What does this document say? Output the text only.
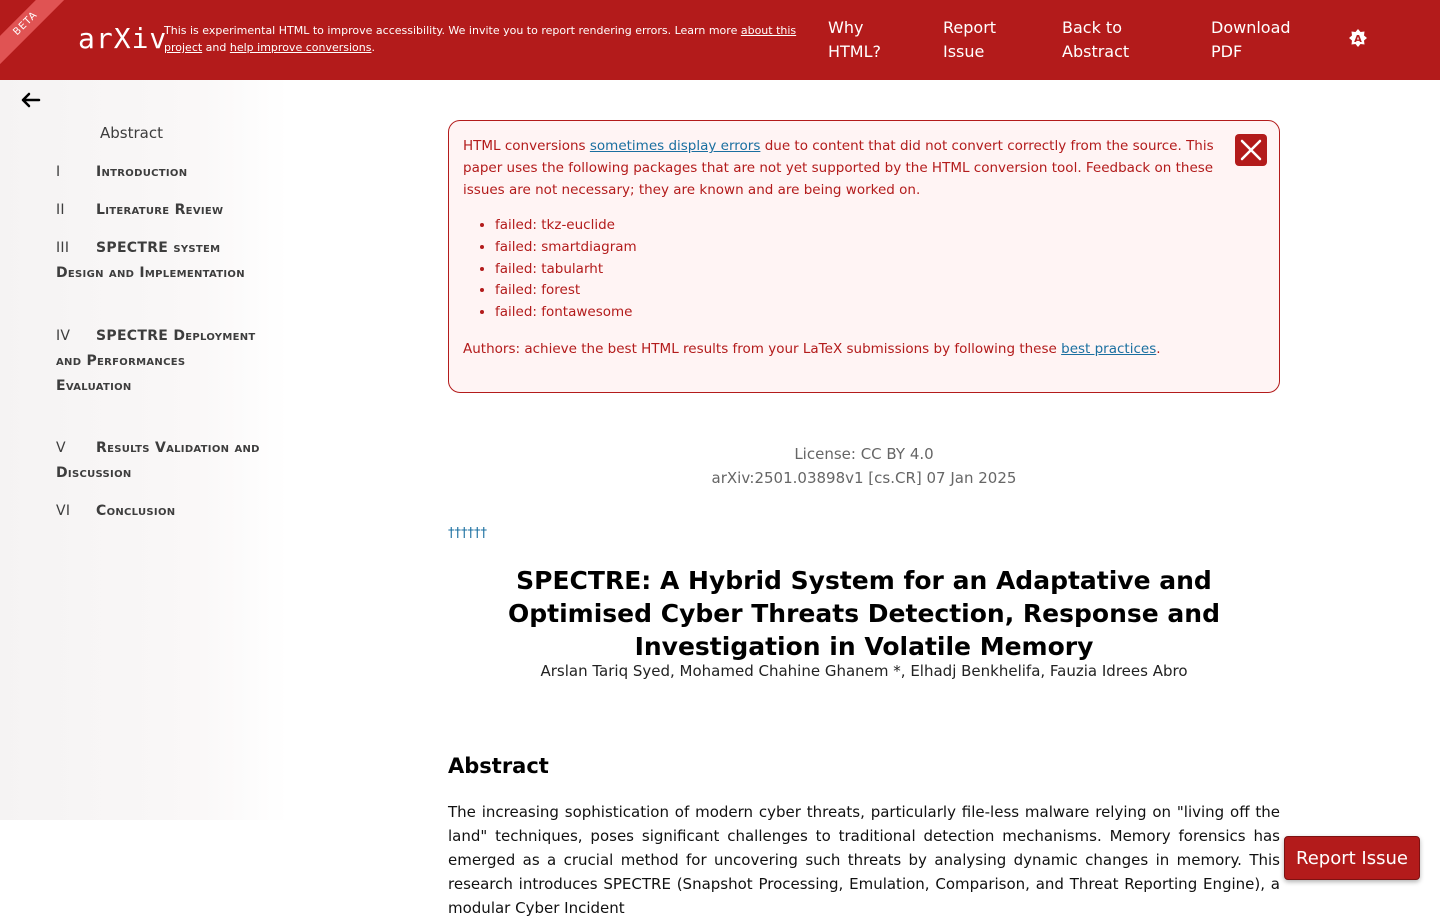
BETA	arXiv
This is experimental HTML to improve accessibility. We invite you to report rendering errors. Learn more about this project and help improve conversions.
Why
HTML?
Report
Issue
Back to
Abstract
Download
PDF
A
Abstract
I	Introduction
II Literature Review
III SPECTRE system Design and Implementation
IV SPECTRE Deployment and Performances Evaluation
V Results Validation and Discussion
VI Conclusion
HTML conversions sometimes display errors due to content that did not convert correctly from the source. This paper uses the following packages that are not yet supported by the HTML conversion tool. Feedback on these issues are not necessary; they are known and are being worked on.
• failed: tkz-euclide
• failed: smartdiagram
• failed: tabularht
• failed: forest
• failed: fontawesome
Authors: achieve the best HTML results from your LaTeX submissions by following these best practices.
License: CC BY 4.0
arXiv:2501.03898v1 [cs.CR] 07 Jan 2025
††††††
SPECTRE: A Hybrid System for an Adaptative and Optimised Cyber Threats Detection, Response and Investigation in Volatile Memory
Arslan Tariq Syed, Mohamed Chahine Ghanem *, Elhadj Benkhelifa, Fauzia Idrees Abro
Abstract

The increasing sophistication of modern cyber threats, particularly file-less malware relying on "living off the land" techniques, poses significant challenges to traditional detection mechanisms. Memory forensics has emerged as a crucial method for uncovering such threats by analysing dynamic changes in memory. This research introduces SPECTRE (Snapshot Processing, Emulation, Comparison, and Threat Reporting Engine), a modular Cyber Incident

Report Issue
